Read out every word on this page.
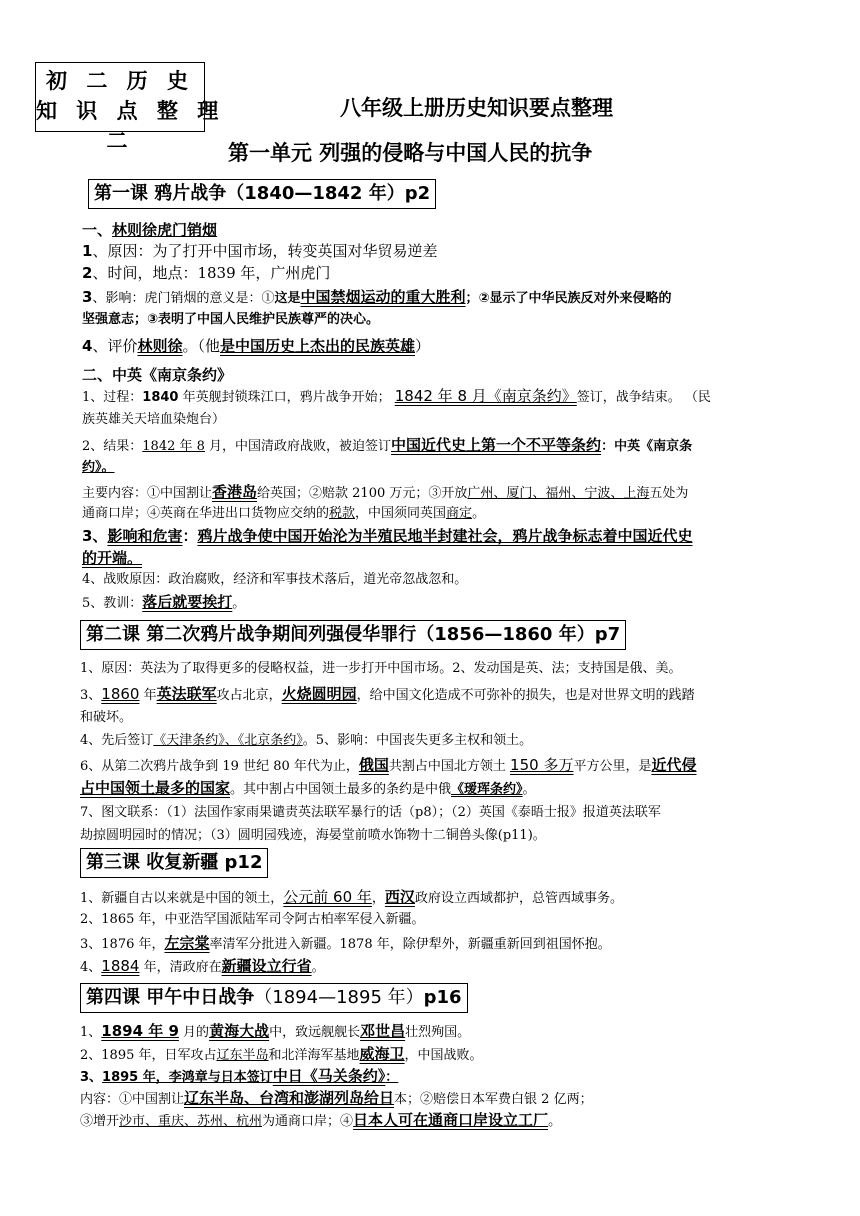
初 二 历 史
知 识 点 整 理
二
八年级上册历史知识要点整理
第一单元 列强的侵略与中国人民的抗争
第一课 鸦片战争（1840—1842 年）p2
一、林则徐虎门销烟
1、原因：为了打开中国市场，转变英国对华贸易逆差
2、时间，地点：1839 年，广州虎门
3、影响：虎门销烟的意义是：①这是中国禁烟运动的重大胜利；②显示了中华民族反对外来侵略的
坚强意志；③表明了中国人民维护民族尊严的决心。
4、评价林则徐。（他是中国历史上杰出的民族英雄）
二、中英《南京条约》
1、过程：1840 年英舰封锁珠江口，鸦片战争开始； 1842 年 8 月《南京条约》签订，战争结束。 （民
族英雄关天培血染炮台）
2、结果：1842 年 8 月，中国清政府战败，被迫签订中国近代史上第一个不平等条约：中英《南京条
约》。
主要内容：①中国割让香港岛给英国；②赔款 2100 万元；③开放广州、厦门、福州、宁波、上海五处为
通商口岸；④英商在华进出口货物应交纳的税款，中国须同英国商定。
3、影响和危害：鸦片战争使中国开始沦为半殖民地半封建社会，鸦片战争标志着中国近代史
的开端。
4、战败原因：政治腐败，经济和军事技术落后，道光帝忽战忽和。
5、教训：落后就要挨打。
第二课 第二次鸦片战争期间列强侵华罪行（1856—1860 年）p7
1、原因：英法为了取得更多的侵略权益，进一步打开中国市场。2、发动国是英、法；支持国是俄、美。
3、1860 年英法联军攻占北京，火烧圆明园，给中国文化造成不可弥补的损失，也是对世界文明的践踏
和破坏。
4、先后签订《天津条约》、《北京条约》。5、影响：中国丧失更多主权和领土。
6、从第二次鸦片战争到 19 世纪 80 年代为止，俄国共割占中国北方领土 150 多万平方公里，是近代侵
占中国领土最多的国家。其中割占中国领土最多的条约是中俄《瑷珲条约》。
7、图文联系：（1）法国作家雨果谴责英法联军暴行的话（p8）；（2）英国《泰晤士报》报道英法联军
劫掠圆明园时的情况；（3）圆明园残迹，海晏堂前喷水饰物十二铜兽头像(p11)。
第三课 收复新疆 p12
1、新疆自古以来就是中国的领土，公元前 60 年，西汉政府设立西域都护，总管西域事务。
2、1865 年，中亚浩罕国派陆军司令阿古柏率军侵入新疆。
3、1876 年，左宗棠率清军分批进入新疆。1878 年，除伊犁外，新疆重新回到祖国怀抱。
4、1884 年，清政府在新疆设立行省。
第四课 甲午中日战争（1894—1895 年）p16
1、1894 年 9 月的黄海大战中，致远舰舰长邓世昌壮烈殉国。
2、1895 年，日军攻占辽东半岛和北洋海军基地威海卫，中国战败。
3、1895 年，李鸿章与日本签订中日《马关条约》：
内容：①中国割让辽东半岛、台湾和澎湖列岛给日本；②赔偿日本军费白银 2 亿两；
③增开沙市、重庆、苏州、杭州为通商口岸；④日本人可在通商口岸设立工厂。
